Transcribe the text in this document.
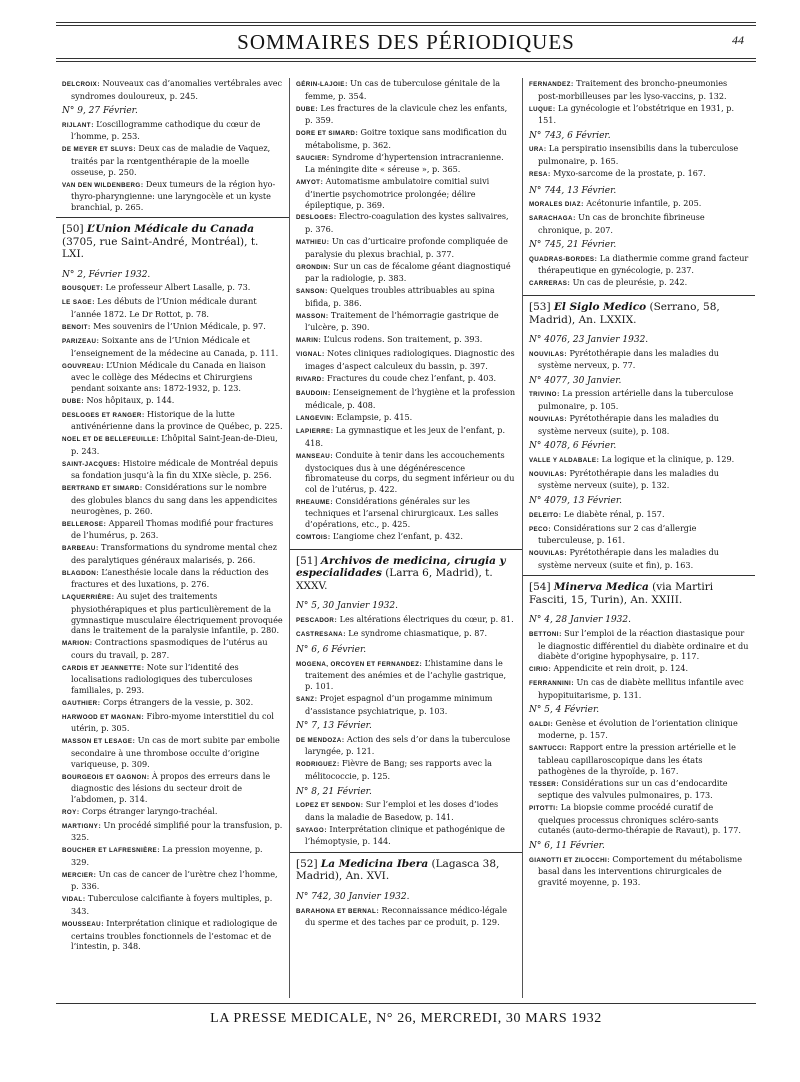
SOMMAIRES DES PÉRIODIQUES	44

DELCROIX: Nouveaux cas d’anomalies vertébrales avec syndromes douloureux, p. 245.

N° 9, 27 Février.

RIJLANT: L’oscillogramme cathodique du cœur de l’homme, p. 253.

DE MEYER ET SLUYS: Deux cas de maladie de Vaquez, traités par la rœntgenthérapie de la moelle osseuse, p. 250.

VAN DEN WILDENBERG: Deux tumeurs de la région hyo-thyro-pharyngienne: une laryngocèle et un kyste branchial, p. 265.

[50] L’Union Médicale du Canada (3705, rue Saint-André, Montréal), t. LXI.

N° 2, Février 1932.

BOUSQUET: Le professeur Albert Lasalle, p. 73.

LE SAGE: Les débuts de l’Union médicale durant l’année 1872. Le Dr Rottot, p. 78.

BENOIT: Mes souvenirs de l’Union Médicale, p. 97.

PARIZEAU: Soixante ans de l’Union Médicale et l’enseignement de la médecine au Canada, p. 111.

GOUVREAU: L’Union Médicale du Canada en liaison avec le collège des Médecins et Chirurgiens pendant soixante ans: 1872-1932, p. 123.

DUBE: Nos hôpitaux, p. 144.

DESLOGES ET RANGER: Historique de la lutte antivénérienne dans la province de Québec, p. 225.

NOEL ET DE BELLEFEUILLE: L’hôpital Saint-Jean-de-Dieu, p. 243.

SAINT-JACQUES: Histoire médicale de Montréal depuis sa fondation jusqu’à la fin du XIXe siècle, p. 256.

BERTRAND ET SIMARD: Considérations sur le nombre des globules blancs du sang dans les appendicites neurogènes, p. 260.

BELLEROSE: Appareil Thomas modifié pour fractures de l’humérus, p. 263.

BARBEAU: Transformations du syndrome mental chez des paralytiques généraux malarisés, p. 266.

BLAGDON: L’anesthésie locale dans la réduction des fractures et des luxations, p. 276.

LAQUERRIÈRE: Au sujet des traitements physiothérapiques et plus particulièrement de la gymnastique musculaire électriquement provoquée dans le traitement de la paralysie infantile, p. 280.

MARION: Contractions spasmodiques de l’utérus au cours du travail, p. 287.

CARDIS ET JEANNETTE: Note sur l’identité des localisations radiologiques des tuberculoses familiales, p. 293.

GAUTHIER: Corps étrangers de la vessie, p. 302.

HARWOOD ET MAGNAN: Fibro-myome interstitiel du col utérin, p. 305.

MASSON ET LESAGE: Un cas de mort subite par embolie secondaire à une thrombose occulte d’origine variqueuse, p. 309.

BOURGEOIS ET GAGNON: À propos des erreurs dans le diagnostic des lésions du secteur droit de l’abdomen, p. 314.

ROY: Corps étranger laryngo-trachéal.

MARTIGNY: Un procédé simplifié pour la transfusion, p. 325.

BOUCHER ET LAFRESNIÈRE: La pression moyenne, p. 329.

MERCIER: Un cas de cancer de l’urètre chez l’homme, p. 336.

VIDAL: Tuberculose calcifiante à foyers multiples, p. 343.

MOUSSEAU: Interprétation clinique et radiologique de certains troubles fonctionnels de l’estomac et de l’intestin, p. 348.

GÉRIN-LAJOIE: Un cas de tuberculose génitale de la femme, p. 354.

DUBE: Les fractures de la clavicule chez les enfants, p. 359.

DORE ET SIMARD: Goitre toxique sans modification du métabolisme, p. 362.

SAUCIER: Syndrome d’hypertension intracranienne. La méningite dite « séreuse », p. 365.

AMYOT: Automatisme ambulatoire comitial suivi d’inertie psychomotrice prolongée; délire épileptique, p. 369.

DESLOGES: Electro-coagulation des kystes salivaires, p. 376.

MATHIEU: Un cas d’urticaire profonde compliquée de paralysie du plexus brachial, p. 377.

GRONDIN: Sur un cas de fécalome géant diagnostiqué par la radiologie, p. 383.

SANSON: Quelques troubles attribuables au spina bifida, p. 386.

MASSON: Traitement de l’hémorragie gastrique de l’ulcère, p. 390.

MARIN: L’ulcus rodens. Son traitement, p. 393.

VIGNAL: Notes cliniques radiologiques. Diagnostic des images d’aspect calculeux du bassin, p. 397.

RIVARD: Fractures du coude chez l’enfant, p. 403.

BAUDOIN: L’enseignement de l’hygiène et la profession médicale, p. 408.

LANGEVIN: Eclampsie, p. 415.

LAPIERRE: La gymnastique et les jeux de l’enfant, p. 418.

MANSEAU: Conduite à tenir dans les accouchements dystociques dus à une dégénérescence fibromateuse du corps, du segment inférieur ou du col de l’utérus, p. 422.

RHEAUME: Considérations générales sur les techniques et l’arsenal chirurgicaux. Les salles d’opérations, etc., p. 425.

COMTOIS: L’angiome chez l’enfant, p. 432.

[51] Archivos de medicina, cirugia y especialidades (Larra 6, Madrid), t. XXXV.

N° 5, 30 Janvier 1932.

PESCADOR: Les altérations électriques du cœur, p. 81.

CASTRESANA: Le syndrome chiasmatique, p. 87.

N° 6, 6 Février.

MOGENA, ORCOYEN ET FERNANDEZ: L’histamine dans le traitement des anémies et de l’achylie gastrique, p. 101.

SANZ: Projet espagnol d’un progamme minimum d’assistance psychiatrique, p. 103.

N° 7, 13 Février.

DE MENDOZA: Action des sels d’or dans la tuberculose laryngée, p. 121.

RODRIGUEZ: Fièvre de Bang; ses rapports avec la mélitococcie, p. 125.

N° 8, 21 Février.

LOPEZ ET SENDON: Sur l’emploi et les doses d’iodes dans la maladie de Basedow, p. 141.

SAYAGO: Interprétation clinique et pathogénique de l’hémoptysie, p. 144.

[52] La Medicina Ibera (Lagasca 38, Madrid), An. XVI.

N° 742, 30 Janvier 1932.

BARAHONA ET BERNAL: Reconnaissance médico-légale du sperme et des taches par ce produit, p. 129.

FERNANDEZ: Traitement des broncho-pneumonies post-morbilleuses par les lyso-vaccins, p. 132.

LUQUE: La gynécologie et l’obstétrique en 1931, p. 151.

N° 743, 6 Février.

URA: La perspiratio insensibilis dans la tuberculose pulmonaire, p. 165.

RESA: Myxo-sarcome de la prostate, p. 167.

N° 744, 13 Février.

MORALES DIAZ: Acétonurie infantile, p. 205.

SARACHAGA: Un cas de bronchite fibrineuse chronique, p. 207.

N° 745, 21 Février.

QUADRAS-BORDES: La diathermie comme grand facteur thérapeutique en gynécologie, p. 237.

CARRERAS: Un cas de pleurésie, p. 242.

[53] El Siglo Medico (Serrano, 58, Madrid), An. LXXIX.

N° 4076, 23 Janvier 1932.

NOUVILAS: Pyrétothérapie dans les maladies du système nerveux, p. 77.

N° 4077, 30 Janvier.

TRIVINO: La pression artérielle dans la tuberculose pulmonaire, p. 105.

NOUVILAS: Pyrétothérapie dans les maladies du système nerveux (suite), p. 108.

N° 4078, 6 Février.

VALLE Y ALDABALE: La logique et la clinique, p. 129.

NOUVILAS: Pyrétothérapie dans les maladies du système nerveux (suite), p. 132.

N° 4079, 13 Février.

DELEITO: Le diabète rénal, p. 157.

PECO: Considérations sur 2 cas d’allergie tuberculeuse, p. 161.

NOUVILAS: Pyrétothérapie dans les maladies du système nerveux (suite et fin), p. 163.

[54] Minerva Medica (via Martiri Fasciti, 15, Turin), An. XXIII.

N° 4, 28 Janvier 1932.

BETTONI: Sur l’emploi de la réaction diastasique pour le diagnostic différentiel du diabète ordinaire et du diabète d’origine hypophysaire, p. 117.

CIRIO: Appendicite et rein droit, p. 124.

FERRANNINI: Un cas de diabète mellitus infantile avec hypopituitarisme, p. 131.

N° 5, 4 Février.

GALDI: Genèse et évolution de l’orientation clinique moderne, p. 157.

SANTUCCI: Rapport entre la pression artérielle et le tableau capillaroscopique dans les états pathogènes de la thyroïde, p. 167.

TESSER: Considérations sur un cas d’endocardite septique des valvules pulmonaires, p. 173.

PITOTTI: La biopsie comme procédé curatif de quelques processus chroniques scléro-sants cutanés (auto-dermo-thérapie de Ravaut), p. 177.

N° 6, 11 Février.

GIANOTTI ET ZILOCCHI: Comportement du métabolisme basal dans les interventions chirurgicales de gravité moyenne, p. 193.

LA PRESSE MEDICALE, N° 26, MERCREDI, 30 MARS 1932
